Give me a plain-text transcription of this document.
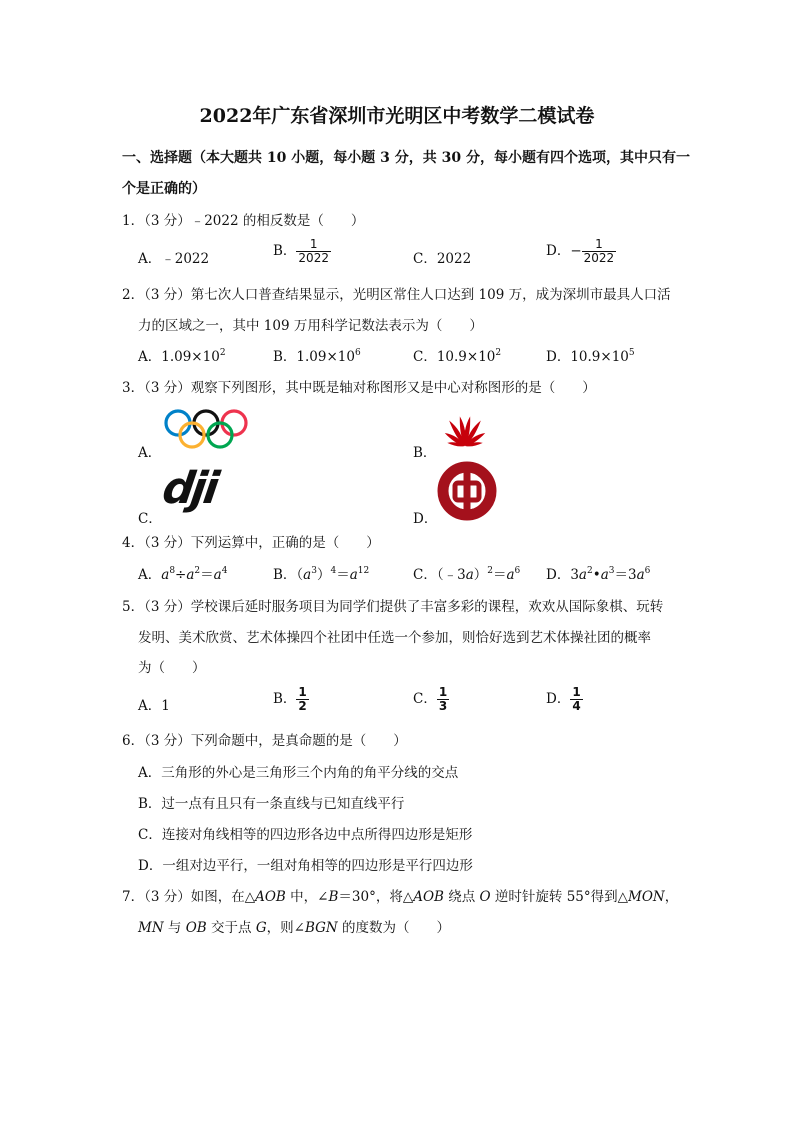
2022年广东省深圳市光明区中考数学二模试卷
一、选择题（本大题共 10 小题，每小题 3 分，共 30 分，每小题有四个选项，其中只有一
个是正确的）
1．（3 分）﹣2022 的相反数是（　　）
A．﹣2022	B． $\frac{1}{2022}$	C．2022	D．− $\frac{1}{2022}$
2．（3 分）第七次人口普查结果显示，光明区常住人口达到 109 万，成为深圳市最具人口活
力的区域之一，其中 109 万用科学记数法表示为（　　）
A．$1.09\times 10^2$	B．$1.09\times 10^6$	C．$10.9\times 10^2$	D．$10.9\times 10^5$
3．（3 分）观察下列图形，其中既是轴对称图形又是中心对称图形的是（　　）
A．	B．
C．
dji
D．
4．（3 分）下列运算中，正确的是（　　）
A．$a^8\div a^2=a^4$	B．$(a^3)^4=a^{12}$	C．$(﹣3a)^2=a^6$ D．$3a^2•a^3=3a^6$
5．（3 分）学校课后延时服务项目为同学们提供了丰富多彩的课程，欢欢从国际象棋、玩转
发明、美术欣赏、艺术体操四个社团中任选一个参加，则恰好选到艺术体操社团的概率
为（　　）
A．1	B． $\frac{1}{2}$	C． $\frac{1}{3}$	D． $\frac{1}{4}$
6．（3 分）下列命题中，是真命题的是（　　）
A．三角形的外心是三角形三个内角的角平分线的交点
B．过一点有且只有一条直线与已知直线平行
C．连接对角线相等的四边形各边中点所得四边形是矩形
D．一组对边平行，一组对角相等的四边形是平行四边形
7．（3 分）如图，在△AOB 中，∠B＝30°，将△AOB 绕点 O 逆时针旋转 55°得到△MON，
MN 与 OB 交于点 G，则∠BGN 的度数为（　　）
